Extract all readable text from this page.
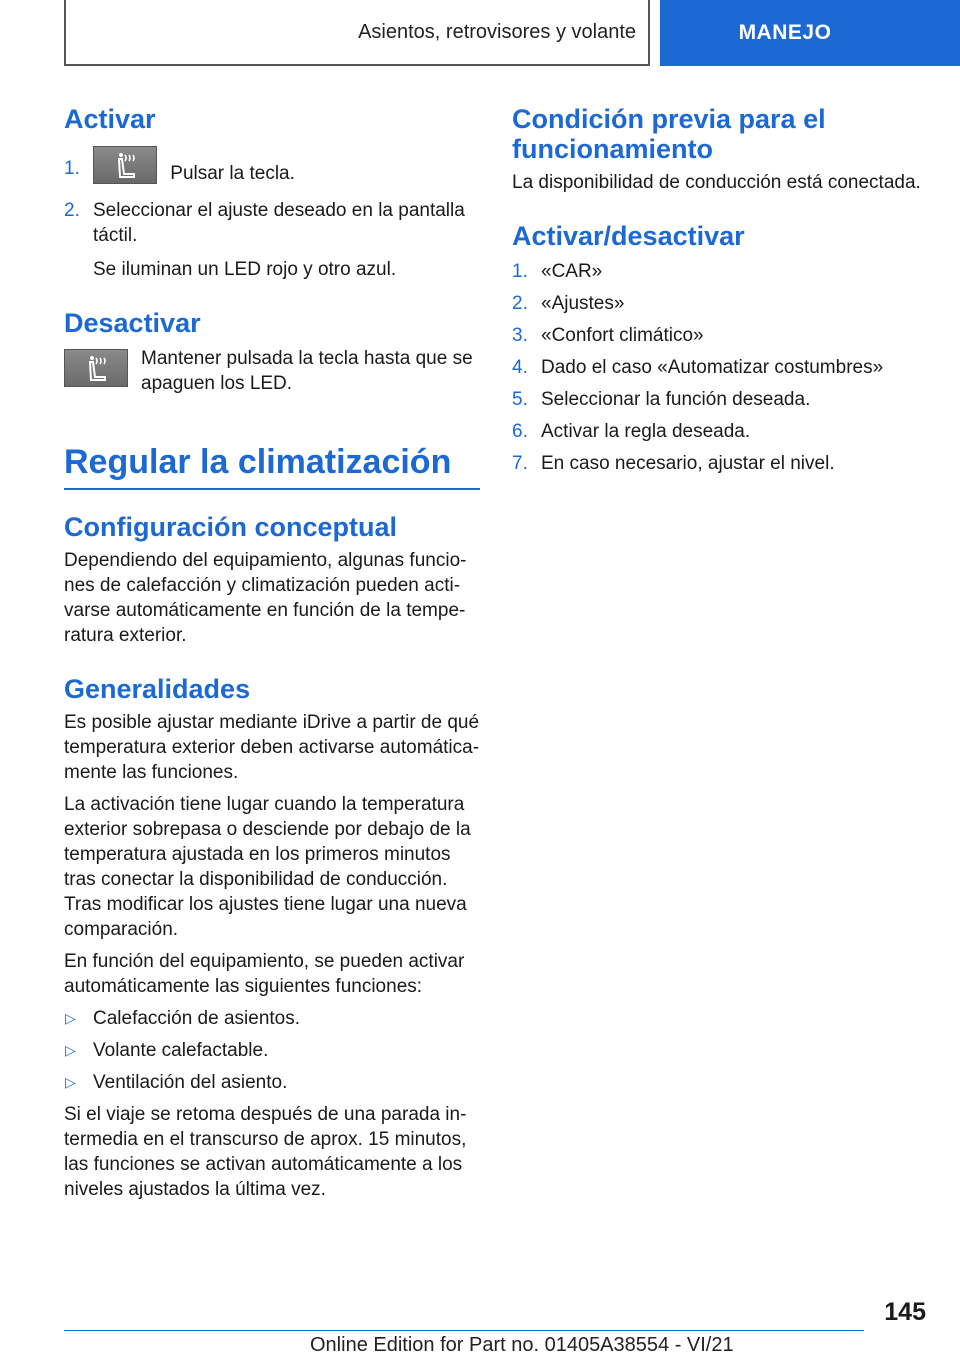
Asientos, retrovisores y volante	MANEJO
Activar
1.	Pulsar la tecla.
2. Seleccionar el ajuste deseado en la pantalla táctil.

Se iluminan un LED rojo y otro azul.

Desactivar

Mantener pulsada la tecla hasta que se apaguen los LED.

Regular la climatización
Configuración conceptual

Dependiendo del equipamiento, algunas funcio-nes de calefacción y climatización pueden acti-varse automáticamente en función de la tempe-ratura exterior.

Generalidades

Es posible ajustar mediante iDrive a partir de qué temperatura exterior deben activarse automática-mente las funciones.

La activación tiene lugar cuando la temperatura exterior sobrepasa o desciende por debajo de la temperatura ajustada en los primeros minutos tras conectar la disponibilidad de conducción. Tras modificar los ajustes tiene lugar una nueva comparación.

En función del equipamiento, se pueden activar automáticamente las siguientes funciones:

▷ Calefacción de asientos.
▷ Volante calefactable.
▷ Ventilación del asiento.

Si el viaje se retoma después de una parada in-termedia en el transcurso de aprox. 15 minutos, las funciones se activan automáticamente a los niveles ajustados la última vez.

Condición previa para el funcionamiento

La disponibilidad de conducción está conectada.

Activar/desactivar
1. «CAR»
2. «Ajustes»
3. «Confort climático»
4. Dado el caso «Automatizar costumbres»
5. Seleccionar la función deseada.
6. Activar la regla deseada.
7. En caso necesario, ajustar el nivel.
145
Online Edition for Part no. 01405A38554 - VI/21
